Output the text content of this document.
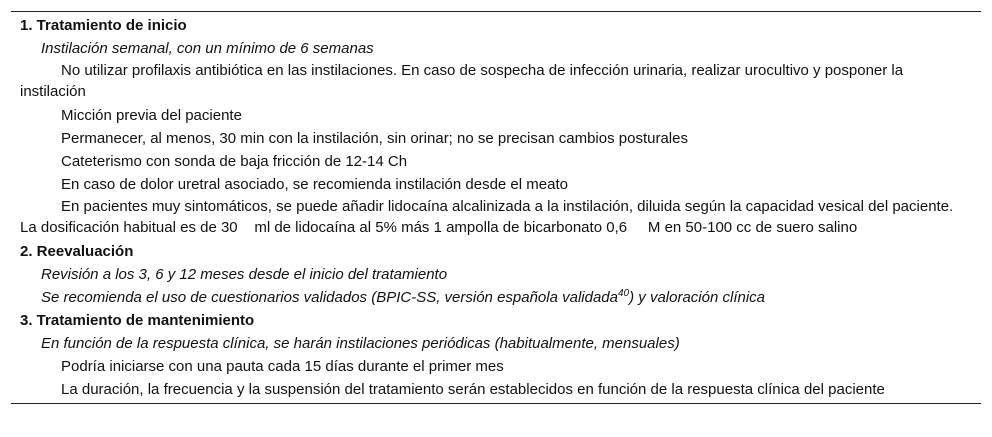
1. Tratamiento de inicio
Instilación semanal, con un mínimo de 6 semanas
No utilizar profilaxis antibiótica en las instilaciones. En caso de sospecha de infección urinaria, realizar urocultivo y posponer la instilación
Micción previa del paciente
Permanecer, al menos, 30 min con la instilación, sin orinar; no se precisan cambios posturales
Cateterismo con sonda de baja fricción de 12-14 Ch
En caso de dolor uretral asociado, se recomienda instilación desde el meato
En pacientes muy sintomáticos, se puede añadir lidocaína alcalinizada a la instilación, diluida según la capacidad vesical del paciente. La dosificación habitual es de 30 ml de lidocaína al 5% más 1 ampolla de bicarbonato 0,6 M en 50-100 cc de suero salino
2. Reevaluación
Revisión a los 3, 6 y 12 meses desde el inicio del tratamiento
Se recomienda el uso de cuestionarios validados (BPIC-SS, versión española validada$^{40}$) y valoración clínica
3. Tratamiento de mantenimiento
En función de la respuesta clínica, se harán instilaciones periódicas (habitualmente, mensuales)
Podría iniciarse con una pauta cada 15 días durante el primer mes
La duración, la frecuencia y la suspensión del tratamiento serán establecidos en función de la respuesta clínica del paciente
